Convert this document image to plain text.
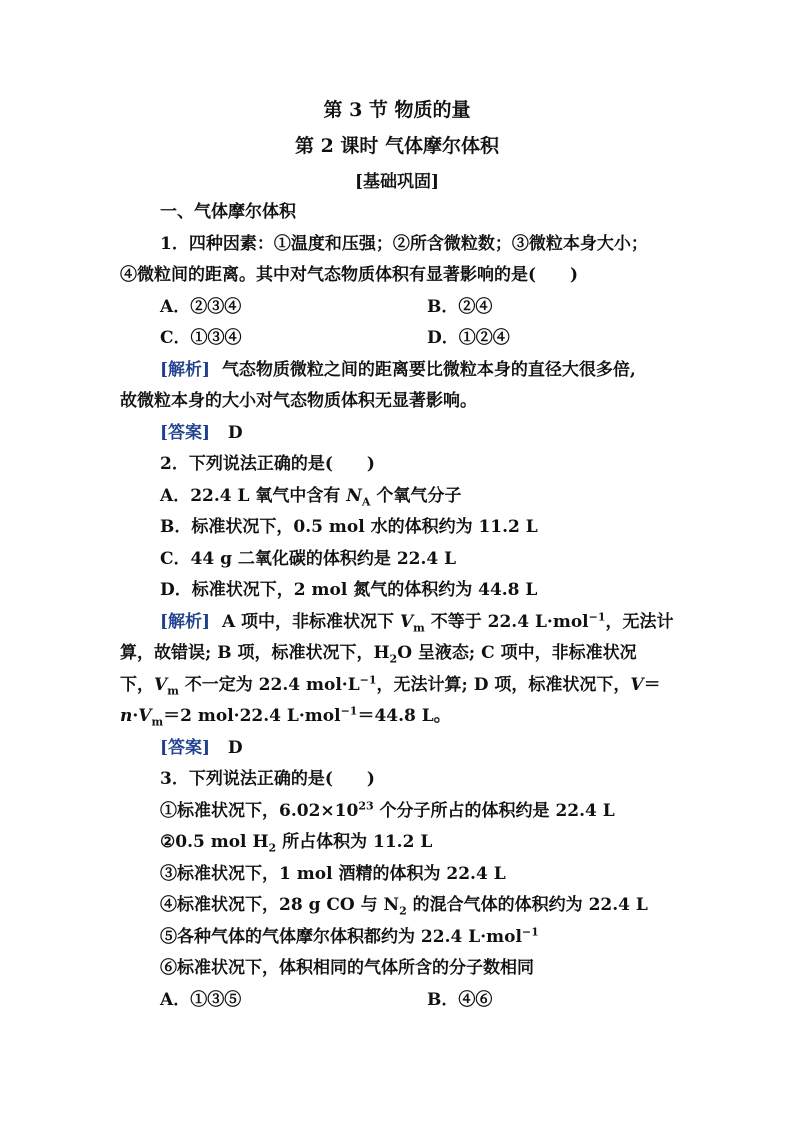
第 3 节 物质的量
第 2 课时 气体摩尔体积
[基础巩固]
一、气体摩尔体积
1．四种因素：①温度和压强；②所含微粒数；③微粒本身大小；
④微粒间的距离。其中对气态物质体积有显著影响的是(　　)
A．②③④	B．②④
C．①③④	D．①②④
[解析] 气态物质微粒之间的距离要比微粒本身的直径大很多倍,
故微粒本身的大小对气态物质体积无显著影响。
[答案] D
2．下列说法正确的是(　　)
A．22.4 L 氧气中含有 $N_A$ 个氧气分子
B．标准状况下，0.5 mol 水的体积约为 11.2 L
C．44 g 二氧化碳的体积约是 22.4 L
D．标准状况下，2 mol 氮气的体积约为 44.8 L
[解析] A 项中，非标准状况下 $V_m$ 不等于 22.4 L·mol$^{-1}$，无法计
算，故错误; B 项，标准状况下，$H_2O$ 呈液态; C 项中，非标准状况
下，$V_m$ 不一定为 22.4 $mol\cdot L^{-1}$，无法计算; D 项，标准状况下，V＝
$n\cdot V_m=2$ mol·22.4 L·mol$^{-1}$＝44.8 L。
[答案] D
3．下列说法正确的是(　　)
①标准状况下，$6.02\times 10^{23}$ 个分子所占的体积约是 22.4 L
②0.5 mol $H_2$ 所占体积为 11.2 L
③标准状况下，1 mol 酒精的体积为 22.4 L
④标准状况下，28 g CO 与 $N_2$ 的混合气体的体积约为 22.4 L
⑤各种气体的气体摩尔体积都约为 22.4 L·mol$^{-1}$
⑥标准状况下，体积相同的气体所含的分子数相同
A．①③⑤	B．④⑥
